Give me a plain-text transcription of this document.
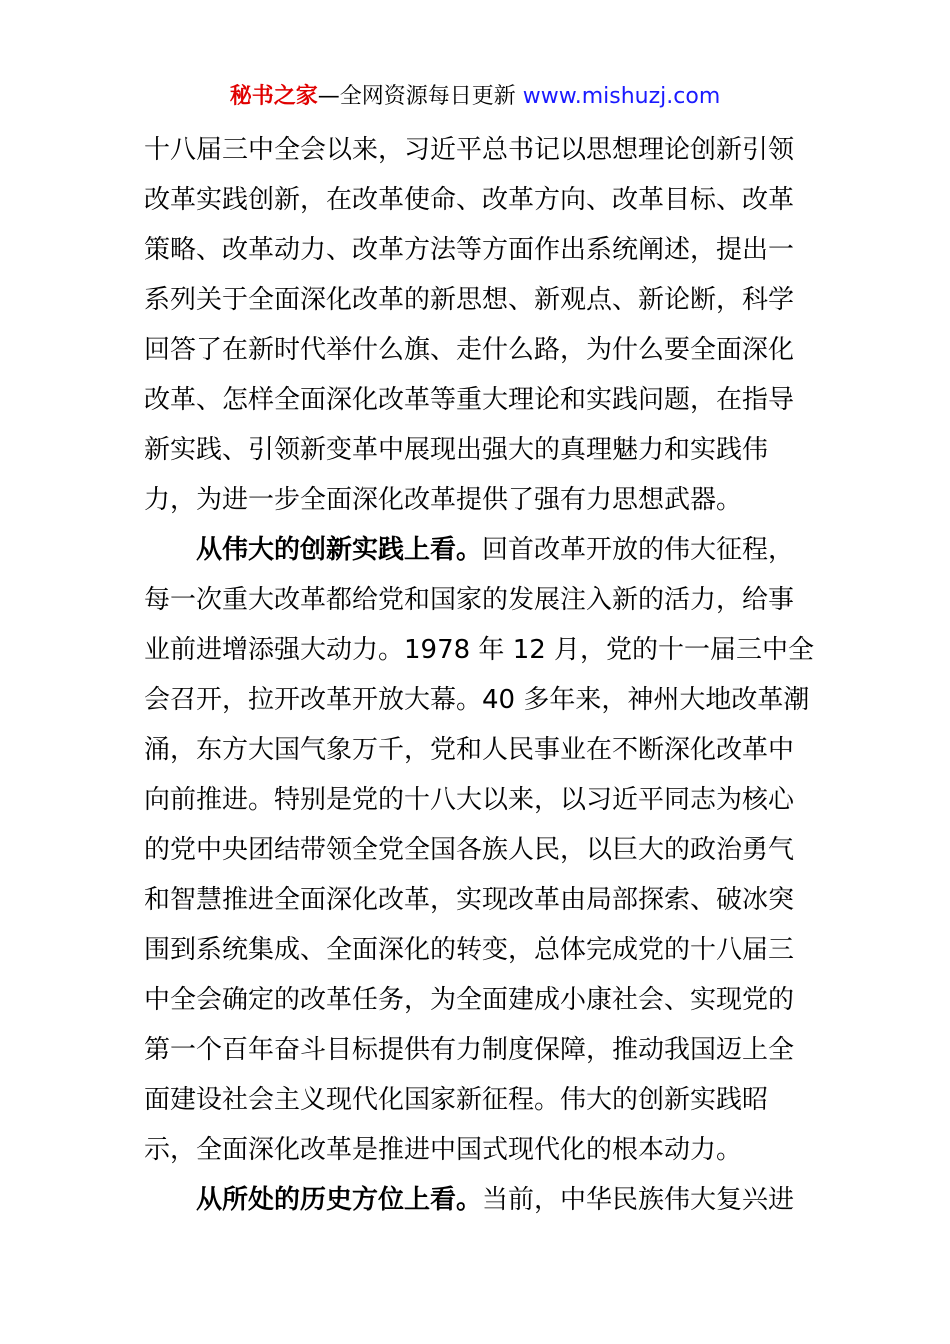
秘书之家—全网资源每日更新 www.mishuzj.com
十八届三中全会以来，习近平总书记以思想理论创新引领
改革实践创新，在改革使命、改革方向、改革目标、改革
策略、改革动力、改革方法等方面作出系统阐述，提出一
系列关于全面深化改革的新思想、新观点、新论断，科学
回答了在新时代举什么旗、走什么路，为什么要全面深化
改革、怎样全面深化改革等重大理论和实践问题，在指导
新实践、引领新变革中展现出强大的真理魅力和实践伟
力，为进一步全面深化改革提供了强有力思想武器。
从伟大的创新实践上看。回首改革开放的伟大征程，
每一次重大改革都给党和国家的发展注入新的活力，给事
业前进增添强大动力。1978 年 12 月，党的十一届三中全
会召开，拉开改革开放大幕。40 多年来，神州大地改革潮
涌，东方大国气象万千，党和人民事业在不断深化改革中
向前推进。特别是党的十八大以来，以习近平同志为核心
的党中央团结带领全党全国各族人民，以巨大的政治勇气
和智慧推进全面深化改革，实现改革由局部探索、破冰突
围到系统集成、全面深化的转变，总体完成党的十八届三
中全会确定的改革任务，为全面建成小康社会、实现党的
第一个百年奋斗目标提供有力制度保障，推动我国迈上全
面建设社会主义现代化国家新征程。伟大的创新实践昭
示，全面深化改革是推进中国式现代化的根本动力。
从所处的历史方位上看。当前，中华民族伟大复兴进
